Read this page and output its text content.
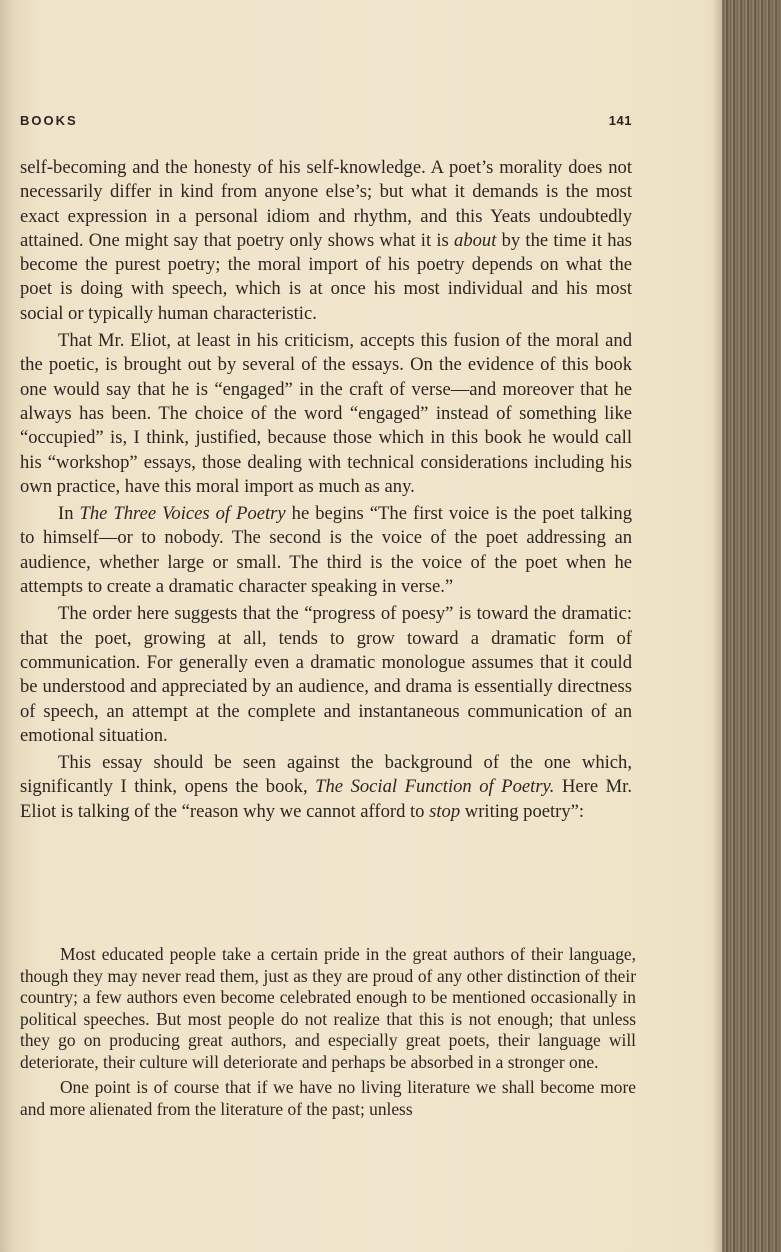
BOOKS	141

self-becoming and the honesty of his self-knowledge. A poet’s morality does not necessarily differ in kind from anyone else’s; but what it demands is the most exact expression in a personal idiom and rhythm, and this Yeats undoubtedly attained. One might say that poetry only shows what it is about by the time it has become the purest poetry; the moral import of his poetry depends on what the poet is doing with speech, which is at once his most individual and his most social or typically human characteristic.

That Mr. Eliot, at least in his criticism, accepts this fusion of the moral and the poetic, is brought out by several of the essays. On the evidence of this book one would say that he is “engaged” in the craft of verse—and moreover that he always has been. The choice of the word “engaged” instead of something like “occupied” is, I think, justified, because those which in this book he would call his “workshop” essays, those dealing with technical considerations including his own practice, have this moral import as much as any.

In The Three Voices of Poetry he begins “The first voice is the poet talking to himself—or to nobody. The second is the voice of the poet addressing an audience, whether large or small. The third is the voice of the poet when he attempts to create a dramatic character speaking in verse.”

The order here suggests that the “progress of poesy” is toward the dramatic: that the poet, growing at all, tends to grow toward a dramatic form of communication. For generally even a dramatic monologue assumes that it could be understood and appreciated by an audience, and drama is essentially directness of speech, an attempt at the complete and instantaneous communication of an emotional situation.

This essay should be seen against the background of the one which, significantly I think, opens the book, The Social Function of Poetry. Here Mr. Eliot is talking of the “reason why we cannot afford to stop writing poetry”:

Most educated people take a certain pride in the great authors of their language, though they may never read them, just as they are proud of any other distinction of their country; a few authors even become celebrated enough to be mentioned occasionally in political speeches. But most people do not realize that this is not enough; that unless they go on producing great authors, and especially great poets, their language will deteriorate, their culture will deteriorate and perhaps be absorbed in a stronger one.

One point is of course that if we have no living literature we shall become more and more alienated from the literature of the past; unless
